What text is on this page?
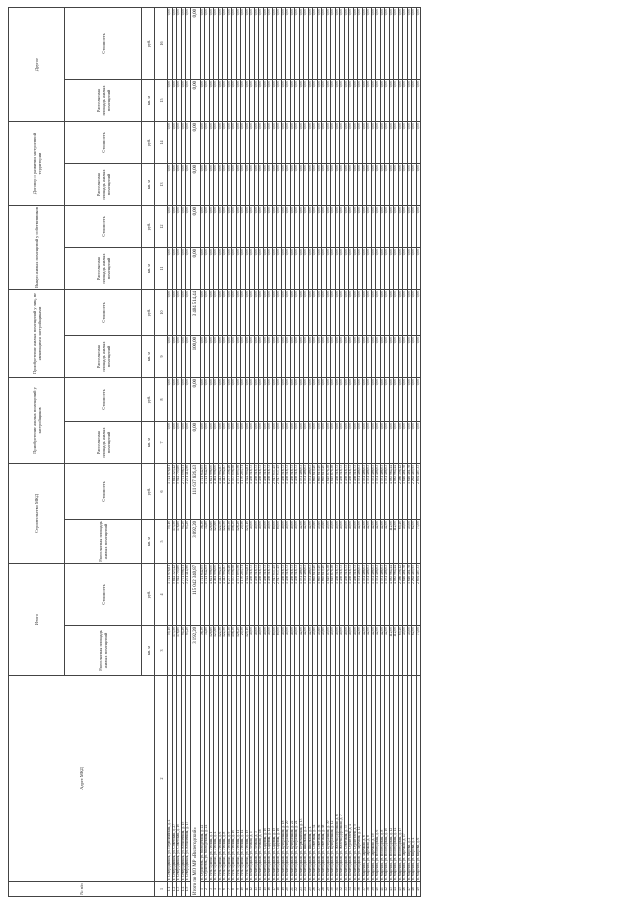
№ п/п	Адрес МКД	Итого		Строительство МКД		Приобретение жилых помещений у застройщиков		Приобретение жилых помещений у лиц, не являющихся застройщиками		Выкуп жилых помещений у собственников		Договор о развитии застроенной территории		Другое	
		Расселяемая площадь жилых помещений	Стоимость	Расселяемая площадь жилых помещений	Стоимость	Расселяемая площадь жилых помещений	Стоимость	Расселяемая площадь жилых помещений	Стоимость	Расселяемая площадь жилых помещений	Стоимость	Расселяемая площадь жилых помещений	Стоимость	Расселяемая площадь жилых помещений	Стоимость
		кв. м	руб.	кв. м	руб.	кв. м	руб.	кв. м	руб.	кв. м	руб.	кв. м	руб.	кв. м	руб.
1	2	3	4	5	6	7	8	9	10	11	12	13	14	15	16
1.1	г. Северодвинск, ул. Первомайская, д. 4	55,10	1 721 976,81	55,10	1 721 976,81	0,00	0,00	0,00	0,00	0,00	0,00	0,00	0,00	0,00	0,00
1.2	г. Северодвинск, ул. Советская, д. 27	173,50	5 844 323,42	173,50	5 844 323,42	0,00	0,00	0,00	0,00	0,00	0,00	0,00	0,00	0,00	0,00
1.3	г. Северодвинск, ул. Советская, д. 10	178,80	5 944 750,80	178,80	5 944 750,80	0,00	0,00	0,00	0,00	0,00	0,00	0,00	0,00	0,00	0,00
1.4	г. Северодвинск, ул. Юбилейная, д. 15	94,20	2 771 098,51	94,20	2 771 098,51	0,00	0,00	0,00	0,00	0,00	0,00	0,00	0,00	0,00	0,00
1.5	г. Северодвинск, ул. Юбилейная, д. 17	93,20	3 271 414,90	93,20	3 271 414,90	0,00	0,00	0,00	0,00	0,00	0,00	0,00	0,00	0,00	0,00
Итого по МО МР «Вилегодский»		3 192,20	115 042 340,87	3 092,20	111 637 826,43	0,00	0,00	100,00	3 404 514,44	0,00	0,00	0,00	0,00	0,00	0,00
1	п. Строитель, ул. Молодёжная, д. 22	36,30	1 721 642,05	36,30	1 721 642,05	0,00	0,00	0,00	0,00	0,00	0,00	0,00	0,00	0,00	0,00
2	п. Строитель, ул. Молодёжная, д. 24	34,80	1 721 642,05	34,80	1 721 642,05	0,00	0,00	0,00	0,00	0,00	0,00	0,00	0,00	0,00	0,00
3	п. Усть-Лумбас, ул. Лесная, д. 1	126,60	4 621 996,00	126,60	4 621 996,00	0,00	0,00	0,00	0,00	0,00	0,00	0,00	0,00	0,00	0,00
4	п. Усть-Лумбас, ул. Лесная, д. 4	123,60	4 461 996,00	123,60	4 461 996,00	0,00	0,00	0,00	0,00	0,00	0,00	0,00	0,00	0,00	0,00
5	п. Усть-Лумбас, ул. Лесная, д. 6	122,50	4 413 992,87	122,50	4 413 992,87	0,00	0,00	0,00	0,00	0,00	0,00	0,00	0,00	0,00	0,00
6	п. Усть-Лумбас, ул. Лесная, д. 8	122,50	4 413 992,87	122,50	4 413 992,87	0,00	0,00	0,00	0,00	0,00	0,00	0,00	0,00	0,00	0,00
7	п. Усть-Лумбас, ул. Лесная, д. 9	185,30	6 277 356,46	185,30	6 277 356,46	0,00	0,00	0,00	0,00	0,00	0,00	0,00	0,00	0,00	0,00
8	п. Усть-Лумбас, ул. Лесная, д. 10	158,30	5 537 056,58	158,30	5 537 056,58	0,00	0,00	0,00	0,00	0,00	0,00	0,00	0,00	0,00	0,00
9	п. Усть-Лумбас, ул. Лесная, д. 11	128,20	4 571 895,56	128,20	4 571 895,56	0,00	0,00	0,00	0,00	0,00	0,00	0,00	0,00	0,00	0,00
10	п. Усть-Лумбас, ул. Лесная, д. 14	20,50	1 170 203,71	20,50	1 170 203,71	0,00	0,00	0,00	0,00	0,00	0,00	0,00	0,00	0,00	0,00
11	п. Усть-Лумбас, ул. Лесная, д. 15	125,10	4 524 904,81	125,10	4 524 904,81	0,00	0,00	0,00	0,00	0,00	0,00	0,00	0,00	0,00	0,00
12	п. Пешеходный, ул. Лесная, д. 1	40,00	1 458 518,73	40,00	1 458 518,73	0,00	0,00	0,00	0,00	0,00	0,00	0,00	0,00	0,00	0,00
13	п. Пешеходный, ул. Лесная, д. 3	40,00	1 458 518,73	40,00	1 458 518,73	0,00	0,00	0,00	0,00	0,00	0,00	0,00	0,00	0,00	0,00
14	п. Пешеходный, ул. Лесная, д. 18	40,00	1 458 518,73	40,00	1 458 518,73	0,00	0,00	0,00	0,00	0,00	0,00	0,00	0,00	0,00	0,00
15	п. Пешеходный, ул. Садовая, д. 10	40,00	1 458 518,73	40,00	1 458 518,73	0,00	0,00	0,00	0,00	0,00	0,00	0,00	0,00	0,00	0,00
16	п. Пешеходный, ул. Садовая, д. 12	40,00	1 458 518,73	40,00	1 458 518,73	0,00	0,00	0,00	0,00	0,00	0,00	0,00	0,00	0,00	0,00
17	п. Пешеходный, ул. Садовая, д. 15	80,00	2 917 037,45	80,00	2 917 037,45	0,00	0,00	0,00	0,00	0,00	0,00	0,00	0,00	0,00	0,00
18	п. Пешеходный, ул. Садовая, д. 16	80,00	2 917 037,45	80,00	2 917 037,45	0,00	0,00	0,00	0,00	0,00	0,00	0,00	0,00	0,00	0,00
19	п. Пешеходный, ул. Центральная, д. 18	40,00	1 458 518,73	40,00	1 458 518,73	0,00	0,00	0,00	0,00	0,00	0,00	0,00	0,00	0,00	0,00
20	п. Пешеходный, ул. Центральная, д. 20	40,00	1 458 518,73	40,00	1 458 518,73	0,00	0,00	0,00	0,00	0,00	0,00	0,00	0,00	0,00	0,00
21	п. Пешеходный, ул. Центральная, д. 22	40,00	1 458 518,73	40,00	1 458 518,73	0,00	0,00	0,00	0,00	0,00	0,00	0,00	0,00	0,00	0,00
22	п. Пешеходный, ул. Центральная, д. 24	40,00	1 458 518,73	40,00	1 458 518,73	0,00	0,00	0,00	0,00	0,00	0,00	0,00	0,00	0,00	0,00
23	п. Пешеходный, ул. Первомайская, д. 13	42,00	1 531 486,03	42,00	1 531 486,03	0,00	0,00	0,00	0,00	0,00	0,00	0,00	0,00	0,00	0,00
24	п. Пешеходный, ул. Школьная, д. 2	42,00	1 531 486,03	42,00	1 531 486,03	0,00	0,00	0,00	0,00	0,00	0,00	0,00	0,00	0,00	0,00
25	п. Пешеходный, ул. Школьная, д. 4	42,00	1 531 486,03	42,00	1 531 486,03	0,00	0,00	0,00	0,00	0,00	0,00	0,00	0,00	0,00	0,00
26	п. Пешеходный, ул. Советская, д. 34	45,60	1 665 619,40	45,60	1 665 619,40	0,00	0,00	0,00	0,00	0,00	0,00	0,00	0,00	0,00	0,00
27	п. Пешеходный, ул. Советская, д. 36	45,60	1 665 619,40	45,60	1 665 619,40	0,00	0,00	0,00	0,00	0,00	0,00	0,00	0,00	0,00	0,00
28	п. Пешеходный, ул. Советская, д. 38	45,60	1 665 619,40	45,60	1 665 619,40	0,00	0,00	0,00	0,00	0,00	0,00	0,00	0,00	0,00	0,00
29	п. Пешеходный, ул. Центральная, д. 30	45,00	1 649 876,38	45,00	1 649 876,38	0,00	0,00	0,00	0,00	0,00	0,00	0,00	0,00	0,00	0,00
30	п. Пешеходный, ул. Центральная, д. 12	45,00	1 649 876,38	45,00	1 649 876,38	0,00	0,00	0,00	0,00	0,00	0,00	0,00	0,00	0,00	0,00
31	п. Пешеходный, ул. Железнодорожная, д. 6	40,00	1 458 518,73	40,00	1 458 518,73	0,00	0,00	0,00	0,00	0,00	0,00	0,00	0,00	0,00	0,00
32	п. Пешеходный, ул. Железнодорожная, д. 7	40,00	1 458 518,73	40,00	1 458 518,73	0,00	0,00	0,00	0,00	0,00	0,00	0,00	0,00	0,00	0,00
33	п. Пешеходный, ул. Советская, д. 37	40,00	1 458 518,73	40,00	1 458 518,73	0,00	0,00	0,00	0,00	0,00	0,00	0,00	0,00	0,00	0,00
34	п. Пешеходный, ул. Строителей, д. 4	40,00	1 458 518,73	40,00	1 458 518,73	0,00	0,00	0,00	0,00	0,00	0,00	0,00	0,00	0,00	0,00
35	п. Пешеходный, ул. Строителей, д. 5	40,00	1 458 518,73	40,00	1 458 518,73	0,00	0,00	0,00	0,00	0,00	0,00	0,00	0,00	0,00	0,00
36	п. Пешеходный, ул. Заречная, д. 12	42,00	1 531 486,03	42,00	1 531 486,03	0,00	0,00	0,00	0,00	0,00	0,00	0,00	0,00	0,00	0,00
37	п. Маренга, ул. Заречная, д. 6	42,00	1 531 486,03	42,00	1 531 486,03	0,00	0,00	0,00	0,00	0,00	0,00	0,00	0,00	0,00	0,00
38	п. Маренга, ул. Заречная, д. 8	42,00	1 531 486,03	42,00	1 531 486,03	0,00	0,00	0,00	0,00	0,00	0,00	0,00	0,00	0,00	0,00
39	п. Маренга, ул. Заречная, д. 10	42,00	1 531 486,03	42,00	1 531 486,03	0,00	0,00	0,00	0,00	0,00	0,00	0,00	0,00	0,00	0,00
40	п. Маренга, ул. Вологодская, д. 6	42,00	1 531 486,03	42,00	1 531 486,03	0,00	0,00	0,00	0,00	0,00	0,00	0,00	0,00	0,00	0,00
41	п. Маренга, ул. Вологодская, д. 8	42,00	1 531 486,03	42,00	1 531 486,03	0,00	0,00	0,00	0,00	0,00	0,00	0,00	0,00	0,00	0,00
42	п. Маренга, ул. Вологодская, д. 10	42,00	1 531 486,03	42,00	1 531 486,03	0,00	0,00	0,00	0,00	0,00	0,00	0,00	0,00	0,00	0,00
43	п. Маренга, ул. Вологодская, д. 12	112,00	4 083 964,44	112,00	4 083 964,44	0,00	0,00	0,00	0,00	0,00	0,00	0,00	0,00	0,00	0,00
44	п. Маренга, ул. Вологодская, д. 14	112,00	4 083 964,44	112,00	4 083 964,44	0,00	0,00	0,00	0,00	0,00	0,00	0,00	0,00	0,00	0,00
45	п. Маренга, ул. Вологодская, д. 17	65,40	2 386 356,12	65,40	2 386 356,12	0,00	0,00	0,00	0,00	0,00	0,00	0,00	0,00	0,00	0,00
46	п. Маренга, ул. Заречная, д. 17	45,00	1 646 481,78	45,00	1 646 481,78	0,00	0,00	0,00	0,00	0,00	0,00	0,00	0,00	0,00	0,00
47	п. Маренга, ул. Кирова, д. 2	45,00	1 646 481,78	45,00	1 646 481,78	0,00	0,00	0,00	0,00	0,00	0,00	0,00	0,00	0,00	0,00
48	п. Маренга, ул. Кирова, д. 4	62,00	2 262 485,95	62,00	2 262 485,95	0,00	0,00	0,00	0,00	0,00	0,00	0,00	0,00	0,00	0,00
49	п. Маренга, ул. Кирова, д. 6	73,00	2 694 487,33	73,00	2 694 487,33	0,00	0,00	0,00	0,00	0,00	0,00	0,00	0,00	0,00	0,00
